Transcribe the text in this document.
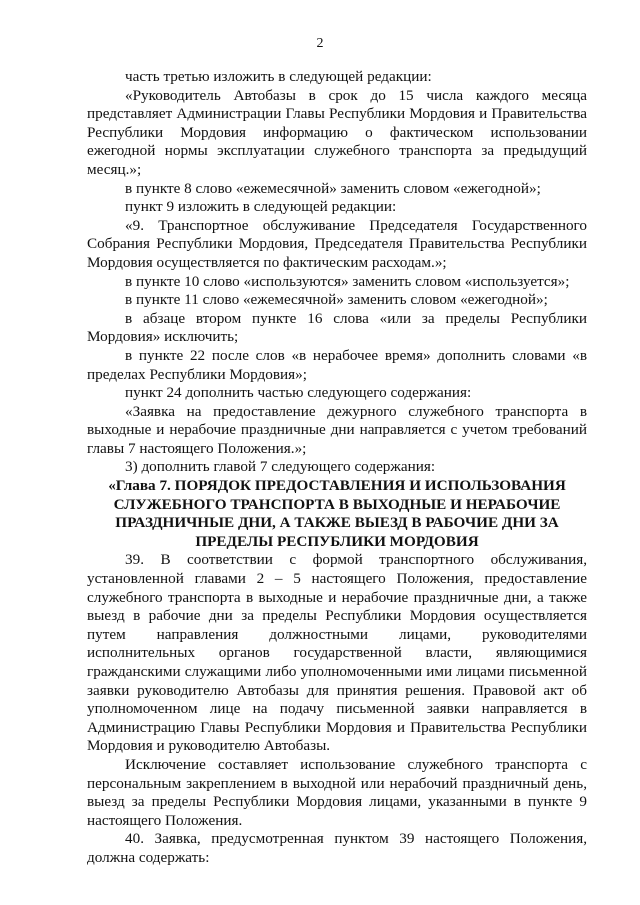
2

часть третью изложить в следующей редакции:

«Руководитель Автобазы в срок до 15 числа каждого месяца представляет Администрации Главы Республики Мордовия и Правительства Республики Мордовия информацию о фактическом использовании ежегодной нормы эксплуатации служебного транспорта за предыдущий месяц.»;

в пункте 8 слово «ежемесячной» заменить словом «ежегодной»;

пункт 9 изложить в следующей редакции:

«9. Транспортное обслуживание Председателя Государственного Собрания Республики Мордовия, Председателя Правительства Республики Мордовия осуществляется по фактическим расходам.»;

в пункте 10 слово «используются» заменить словом «используется»;

в пункте 11 слово «ежемесячной» заменить словом «ежегодной»;

в абзаце втором пункте 16 слова «или за пределы Республики Мордовия» исключить;

в пункте 22 после слов «в нерабочее время» дополнить словами «в пределах Республики Мордовия»;

пункт 24 дополнить частью следующего содержания:

«Заявка на предоставление дежурного служебного транспорта в выходные и нерабочие праздничные дни направляется с учетом требований главы 7 настоящего Положения.»;

3) дополнить главой 7 следующего содержания:

«Глава 7. ПОРЯДОК ПРЕДОСТАВЛЕНИЯ И ИСПОЛЬЗОВАНИЯ СЛУЖЕБНОГО ТРАНСПОРТА В ВЫХОДНЫЕ И НЕРАБОЧИЕ ПРАЗДНИЧНЫЕ ДНИ, А ТАКЖЕ ВЫЕЗД В РАБОЧИЕ ДНИ ЗА ПРЕДЕЛЫ РЕСПУБЛИКИ МОРДОВИЯ

39. В соответствии с формой транспортного обслуживания, установленной главами 2 – 5 настоящего Положения, предоставление служебного транспорта в выходные и нерабочие праздничные дни, а также выезд в рабочие дни за пределы Республики Мордовия осуществляется путем направления должностными лицами, руководителями исполнительных органов государственной власти, являющимися гражданскими служащими либо уполномоченными ими лицами письменной заявки руководителю Автобазы для принятия решения. Правовой акт об уполномоченном лице на подачу письменной заявки направляется в Администрацию Главы Республики Мордовия и Правительства Республики Мордовия и руководителю Автобазы.

Исключение составляет использование служебного транспорта с персональным закреплением в выходной или нерабочий праздничный день, выезд за пределы Республики Мордовия лицами, указанными в пункте 9 настоящего Положения.

40. Заявка, предусмотренная пунктом 39 настоящего Положения, должна содержать:
